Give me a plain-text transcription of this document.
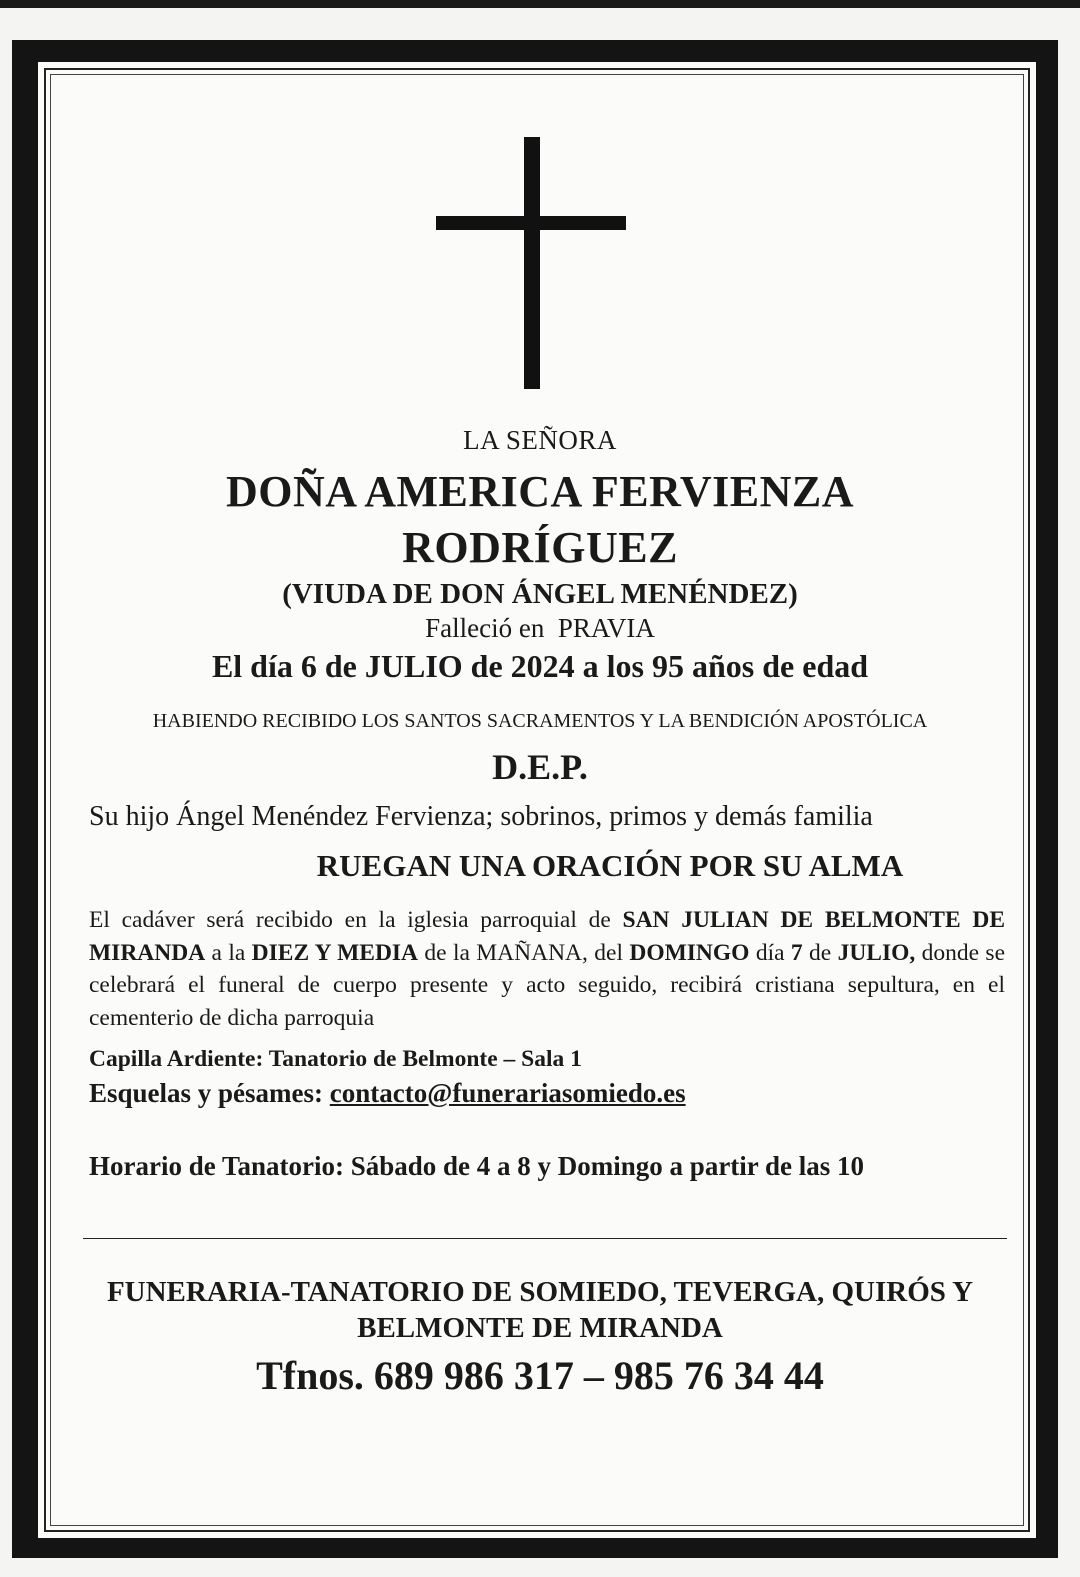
LA SEÑORA
DOÑA AMERICA FERVIENZA
RODRÍGUEZ
(VIUDA DE DON ÁNGEL MENÉNDEZ)
Falleció en PRAVIA
El día 6 de JULIO de 2024 a los 95 años de edad
HABIENDO RECIBIDO LOS SANTOS SACRAMENTOS Y LA BENDICIÓN APOSTÓLICA
D.E.P.
Su hijo Ángel Menéndez Fervienza; sobrinos, primos y demás familia
RUEGAN UNA ORACIÓN POR SU ALMA
El cadáver será recibido en la iglesia parroquial de SAN JULIAN DE BELMONTE DE MIRANDA a la DIEZ Y MEDIA de la MAÑANA, del DOMINGO día 7 de JULIO, donde se celebrará el funeral de cuerpo presente y acto seguido, recibirá cristiana sepultura, en el cementerio de dicha parroquia
Capilla Ardiente: Tanatorio de Belmonte – Sala 1
Esquelas y pésames: contacto@funerariasomiedo.es
Horario de Tanatorio: Sábado de 4 a 8 y Domingo a partir de las 10
FUNERARIA-TANATORIO DE SOMIEDO, TEVERGA, QUIRÓS Y
BELMONTE DE MIRANDA
Tfnos. 689 986 317 – 985 76 34 44
